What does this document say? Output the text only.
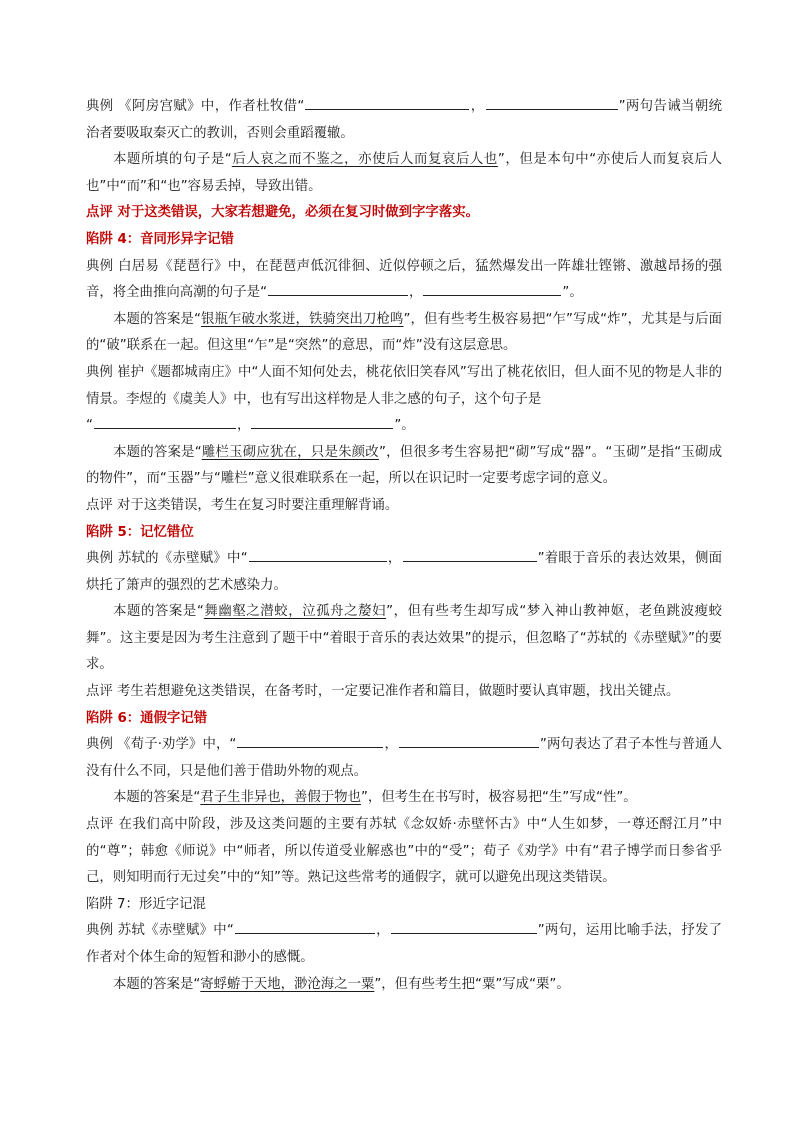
典例 《阿房宫赋》中，作者杜牧借“	，	”两句告诫当朝统治者要吸取秦灭亡的教训，否则会重蹈覆辙。

本题所填的句子是“后人哀之而不鉴之，亦使后人而复哀后人也”，但是本句中“亦使后人而复哀后人也”中“而”和“也”容易丢掉，导致出错。

点评 对于这类错误，大家若想避免，必须在复习时做到字字落实。

陷阱 4：音同形异字记错

典例 白居易《琵琶行》中，在琵琶声低沉徘徊、近似停顿之后，猛然爆发出一阵雄壮铿锵、激越昂扬的强音，将全曲推向高潮的句子是“	，	”。

本题的答案是“银瓶乍破水浆迸，铁骑突出刀枪鸣”，但有些考生极容易把“乍”写成“炸”，尤其是与后面的“破”联系在一起。但这里“乍”是“突然”的意思，而“炸”没有这层意思。

典例 崔护《题都城南庄》中“人面不知何处去，桃花依旧笑春风”写出了桃花依旧，但人面不见的物是人非的情景。李煜的《虞美人》中，也有写出这样物是人非之感的句子，这个句子是
“	，	”。

本题的答案是“雕栏玉砌应犹在，只是朱颜改”，但很多考生容易把“砌”写成“器”。“玉砌”是指“玉砌成的物件”，而“玉器”与“雕栏”意义很难联系在一起，所以在识记时一定要考虑字词的意义。

点评 对于这类错误，考生在复习时要注重理解背诵。

陷阱 5：记忆错位

典例 苏轼的《赤壁赋》中“	，	”着眼于音乐的表达效果，侧面烘托了箫声的强烈的艺术感染力。

本题的答案是“舞幽壑之潜蛟，泣孤舟之嫠妇”，但有些考生却写成“梦入神山教神妪，老鱼跳波瘦蛟舞”。这主要是因为考生注意到了题干中“着眼于音乐的表达效果”的提示，但忽略了“苏轼的《赤壁赋》”的要求。

点评 考生若想避免这类错误，在备考时，一定要记准作者和篇目，做题时要认真审题，找出关键点。

陷阱 6：通假字记错

典例 《荀子·劝学》中，“	，	”两句表达了君子本性与普通人没有什么不同，只是他们善于借助外物的观点。

本题的答案是“君子生非异也，善假于物也”，但考生在书写时，极容易把“生”写成“性”。

点评 在我们高中阶段，涉及这类问题的主要有苏轼《念奴娇·赤壁怀古》中“人生如梦，一尊还酹江月”中的“尊”；韩愈《师说》中“师者，所以传道受业解惑也”中的“受”；荀子《劝学》中有“君子博学而日参省乎己，则知明而行无过矣”中的“知”等。熟记这些常考的通假字，就可以避免出现这类错误。

陷阱 7：形近字记混

典例 苏轼《赤壁赋》中“	，	”两句，运用比喻手法，抒发了作者对个体生命的短暂和渺小的感慨。

本题的答案是“寄蜉蝣于天地，渺沧海之一粟”，但有些考生把“粟”写成“栗”。
